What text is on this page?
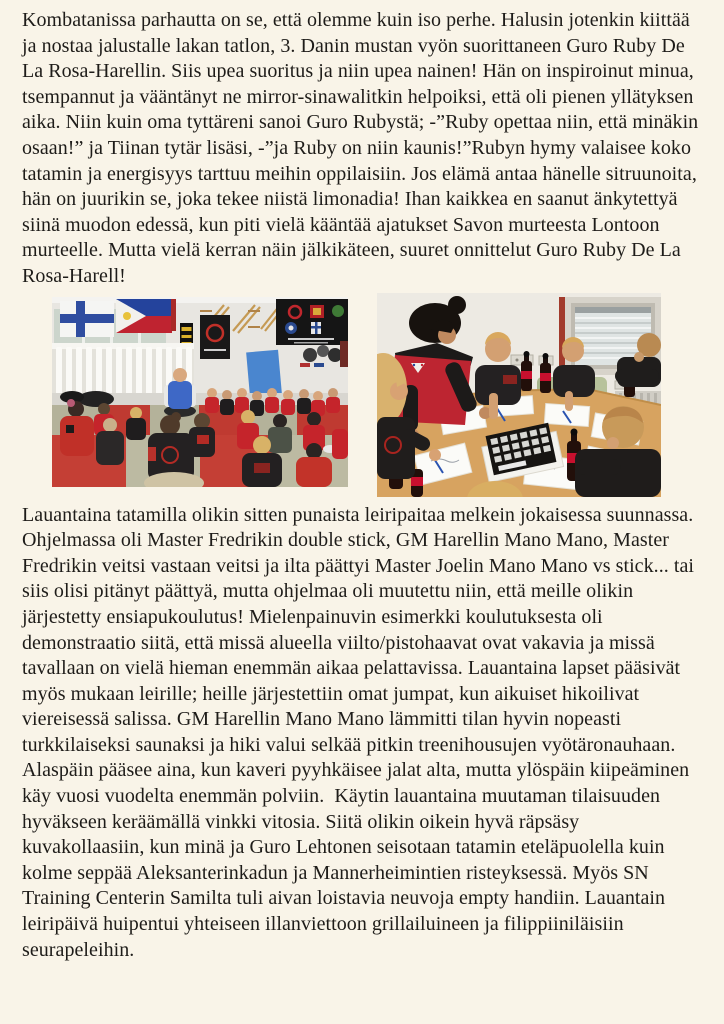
Kombatanissa parhautta on se, että olemme kuin iso perhe. Halusin jotenkin kiittää ja nostaa jalustalle lakan tatlon, 3. Danin mustan vyön suorittaneen Guro Ruby De La Rosa-Harellin. Siis upea suoritus ja niin upea nainen! Hän on inspiroinut minua, tsempannut ja vääntänyt ne mirror-sinawalitkin helpoiksi, että oli pienen yllätyksen aika. Niin kuin oma tyttäreni sanoi Guro Rubystä; -”Ruby opettaa niin, että minäkin osaan!” ja Tiinan tytär lisäsi, -”ja Ruby on niin kaunis!”Rubyn hymy valaisee koko tatamin ja energisyys tarttuu meihin oppilaisiin. Jos elämä antaa hänelle sitruunoita, hän on juurikin se, joka tekee niistä limonadia! Ihan kaikkea en saanut änkytettyä siinä muodon edessä, kun piti vielä kääntää ajatukset Savon murteesta Lontoon murteelle. Mutta vielä kerran näin jälkikäteen, suuret onnittelut Guro Ruby De La Rosa-Harell!

Lauantaina tatamilla olikin sitten punaista leiripaitaa melkein jokaisessa suunnassa. Ohjelmassa oli Master Fredrikin double stick, GM Harellin Mano Mano, Master Fredrikin veitsi vastaan veitsi ja ilta päättyi Master Joelin Mano Mano vs stick... tai siis olisi pitänyt päättyä, mutta ohjelmaa oli muutettu niin, että meille olikin järjestetty ensiapukoulutus! Mielenpainuvin esimerkki koulutuksesta oli demonstraatio siitä, että missä alueella viilto/pistohaavat ovat vakavia ja missä tavallaan on vielä hieman enemmän aikaa pelattavissa. Lauantaina lapset pääsivät myös mukaan leirille; heille järjestettiin omat jumpat, kun aikuiset hikoilivat viereisessä salissa. GM Harellin Mano Mano lämmitti tilan hyvin nopeasti turkkilaiseksi saunaksi ja hiki valui selkää pitkin treenihousujen vyötäronauhaan. Alaspäin pääsee aina, kun kaveri pyyhkäisee jalat alta, mutta ylöspäin kiipeäminen käy vuosi vuodelta enemmän polviin.  Käytin lauantaina muutaman tilaisuuden hyväkseen keräämällä vinkki vitosia. Siitä olikin oikein hyvä räpsäsy kuvakollaasiin, kun minä ja Guro Lehtonen seisotaan tatamin eteläpuolella kuin kolme seppää Aleksanterinkadun ja Mannerheimintien risteyksessä. Myös SN Training Centerin Samilta tuli aivan loistavia neuvoja empty handiin. Lauantain leiripäivä huipentui yhteiseen illanviettoon grillailuineen ja filippiiniläisiin seurapeleihin.
